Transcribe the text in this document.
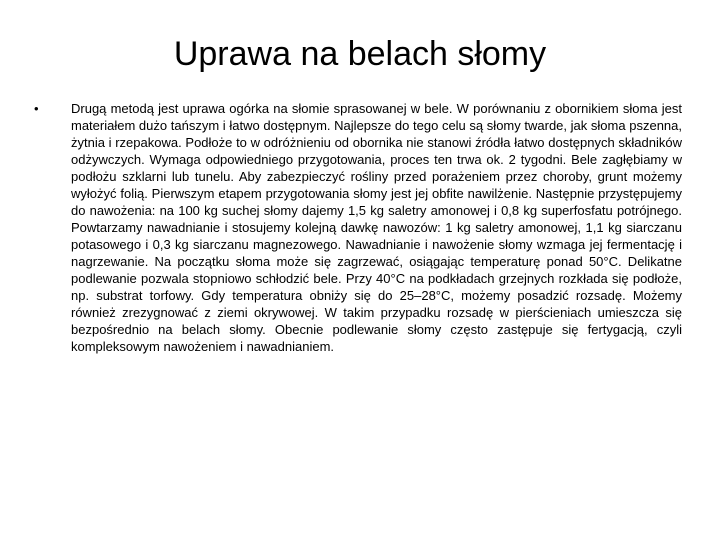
Uprawa na belach słomy
• Drugą metodą jest uprawa ogórka na słomie sprasowanej w bele. W porównaniu z obornikiem słoma jest materiałem dużo tańszym i łatwo dostępnym. Najlepsze do tego celu są słomy twarde, jak słoma pszenna, żytnia i rzepakowa. Podłoże to w odróżnieniu od obornika nie stanowi źródła łatwo dostępnych składników odżywczych. Wymaga odpowiedniego przygotowania, proces ten trwa ok. 2 tygodni. Bele zagłębiamy w podłożu szklarni lub tunelu. Aby zabezpieczyć rośliny przed porażeniem przez choroby, grunt możemy wyłożyć folią. Pierwszym etapem przygotowania słomy jest jej obfite nawilżenie. Następnie przystępujemy do nawożenia: na 100 kg suchej słomy dajemy 1,5 kg saletry amonowej i 0,8 kg superfosfatu potrójnego. Powtarzamy nawadnianie i stosujemy kolejną dawkę nawozów: 1 kg saletry amonowej, 1,1 kg siarczanu potasowego i 0,3 kg siarczanu magnezowego. Nawadnianie i nawożenie słomy wzmaga jej fermentację i nagrzewanie. Na początku słoma może się zagrzewać, osiągając temperaturę ponad 50°C. Delikatne podlewanie pozwala stopniowo schłodzić bele. Przy 40°C na podkładach grzejnych rozkłada się podłoże, np. substrat torfowy. Gdy temperatura obniży się do 25–28°C, możemy posadzić rozsadę. Możemy również zrezygnować z ziemi okrywowej. W takim przypadku rozsadę w pierścieniach umieszcza się bezpośrednio na belach słomy. Obecnie podlewanie słomy często zastępuje się fertygacją, czyli kompleksowym nawożeniem i nawadnianiem.
